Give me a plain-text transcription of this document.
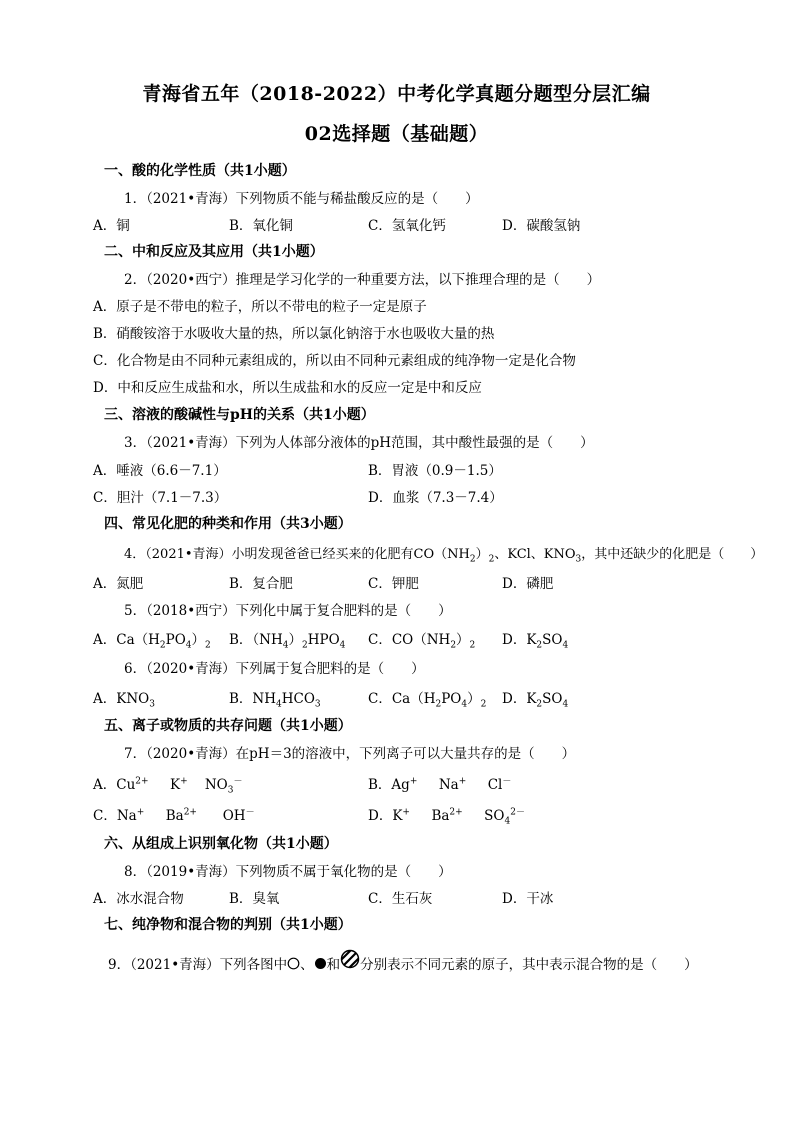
青海省五年（2018-2022）中考化学真题分题型分层汇编
02选择题（基础题）
一、酸的化学性质（共1小题）
1．（2021•青海）下列物质不能与稀盐酸反应的是（　　）
A．铜	B．氧化铜	C．氢氧化钙	D．碳酸氢钠
二、中和反应及其应用（共1小题）
2．（2020•西宁）推理是学习化学的一种重要方法，以下推理合理的是（　　）
A．原子是不带电的粒子，所以不带电的粒子一定是原子
B．硝酸铵溶于水吸收大量的热，所以氯化钠溶于水也吸收大量的热
C．化合物是由不同种元素组成的，所以由不同种元素组成的纯净物一定是化合物
D．中和反应生成盐和水，所以生成盐和水的反应一定是中和反应
三、溶液的酸碱性与pH的关系（共1小题）
3．（2021•青海）下列为人体部分液体的pH范围，其中酸性最强的是（　　）
A．唾液（6.6－7.1）	B．胃液（0.9－1.5）
C．胆汁（7.1－7.3）	D．血浆（7.3－7.4）
四、常见化肥的种类和作用（共3小题）
4．（2021•青海）小明发现爸爸已经买来的化肥有$CO(NH_2)_2$、KCl、$KNO_3$，其中还缺少的化肥是（　　）
A．氮肥	B．复合肥	C．钾肥	D．磷肥
5．（2018•西宁）下列化中属于复合肥料的是（　　）
A．$Ca(H_2PO_4)_2$ B．$(NH_4)_2HPO_4$ C．$CO(NH_2)_2$ D．$K_2SO_4$
6．（2020•青海）下列属于复合肥料的是（　　）
A．$KNO_3$	B．$NH_4HCO_3$	C．$Ca(H_2PO_4)_2$ D．$K_2SO_4$
五、离子或物质的共存问题（共1小题）
7．（2020•青海）在pH＝3的溶液中，下列离子可以大量共存的是（　　）
A．$Cu^{2+}$ K+ $NO_3^-$	B．Ag+ Na+ Cl－
C．Na+ $Ba^{2+}$ OH－	D．K+ $Ba^{2+}$ $SO_4^{2-}$
六、从组成上识别氧化物（共1小题）
8．（2019•青海）下列物质不属于氧化物的是（　　）
A．冰水混合物	B．臭氧	C．生石灰	D．干冰
七、纯净物和混合物的判别（共1小题）
9．（2021•青海）下列各图中 、 和 分别表示不同元素的原子，其中表示混合物的是（　　）
